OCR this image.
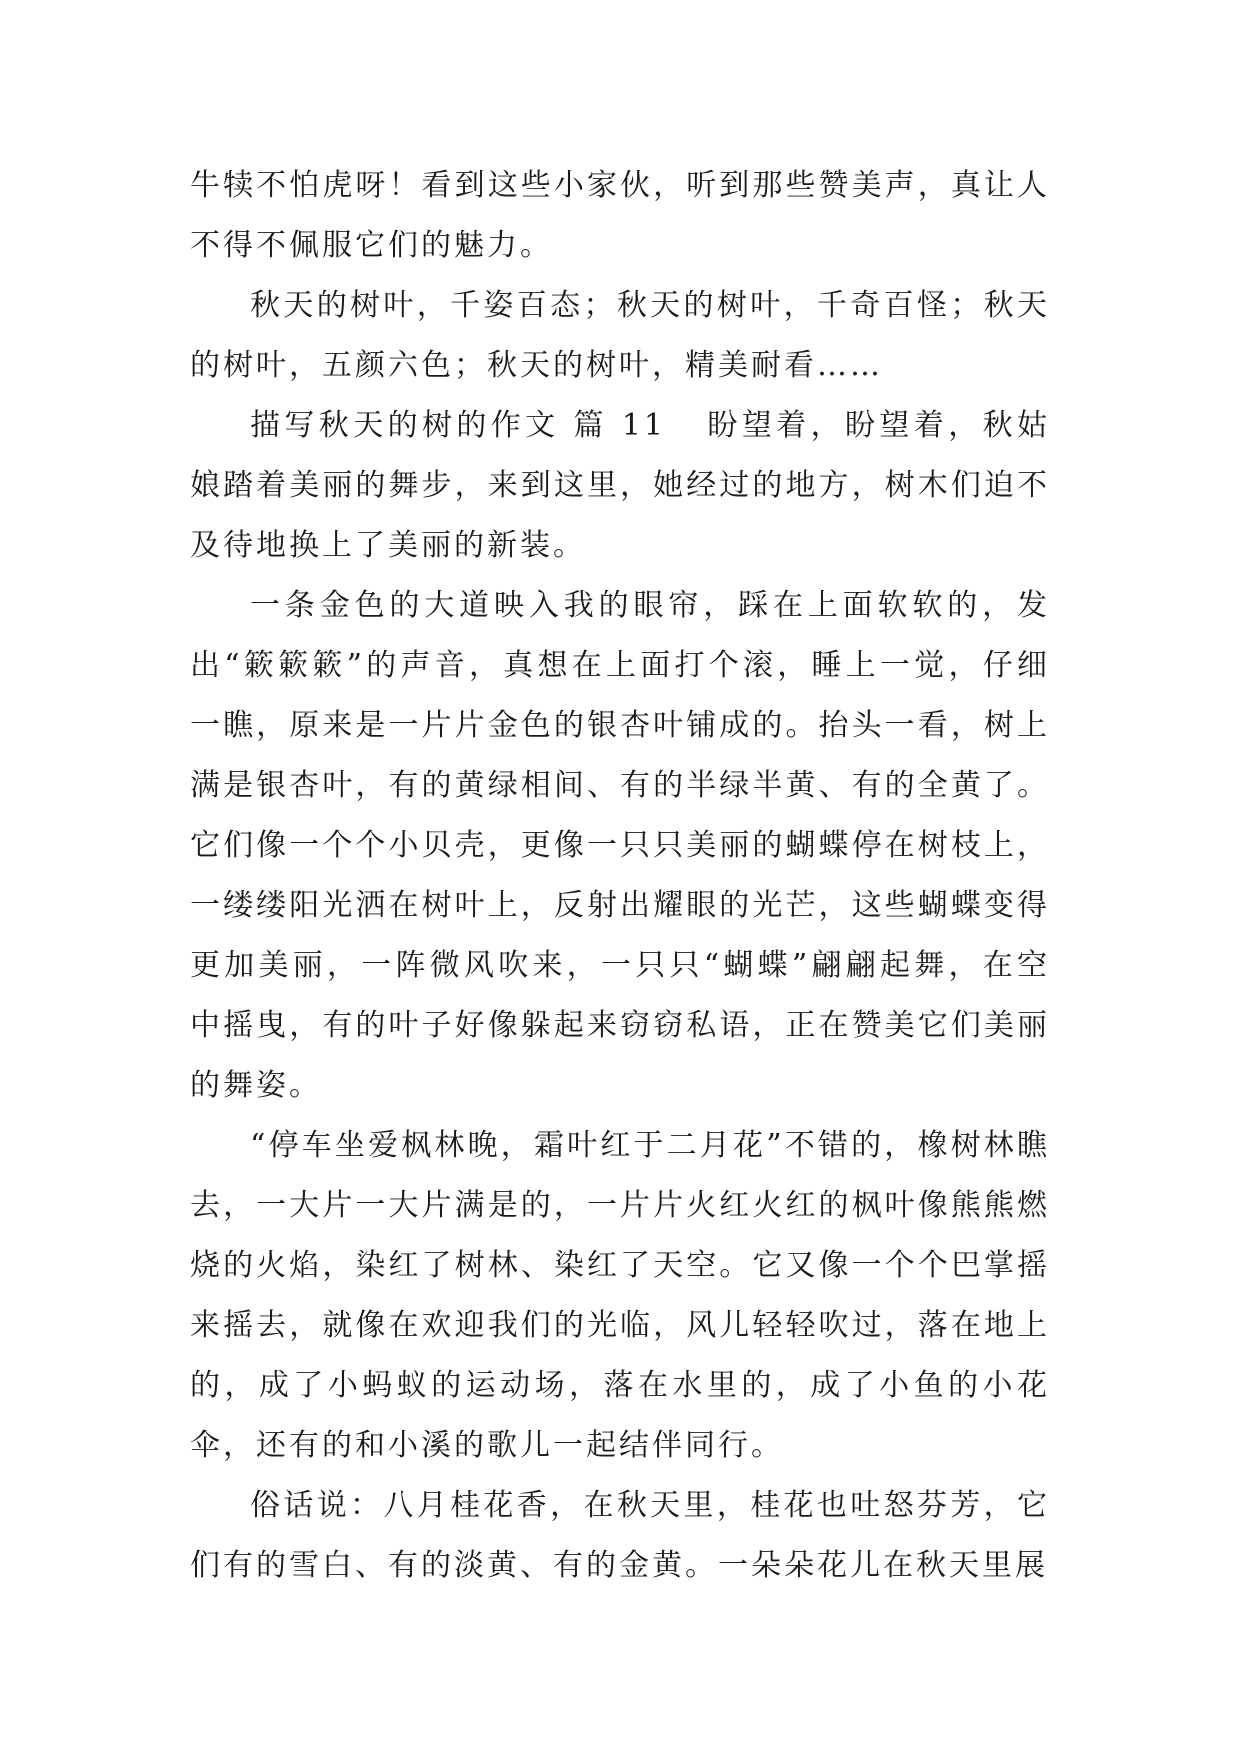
牛犊不怕虎呀！看到这些小家伙，听到那些赞美声，真让人不得不佩服它们的魅力。

秋天的树叶，千姿百态；秋天的树叶，千奇百怪；秋天的树叶，五颜六色；秋天的树叶，精美耐看……

描写秋天的树的作文 篇 11 盼望着，盼望着，秋姑娘踏着美丽的舞步，来到这里，她经过的地方，树木们迫不及待地换上了美丽的新装。

一条金色的大道映入我的眼帘，踩在上面软软的，发出“簌簌簌”的声音，真想在上面打个滚，睡上一觉，仔细一瞧，原来是一片片金色的银杏叶铺成的。抬头一看，树上满是银杏叶，有的黄绿相间、有的半绿半黄、有的全黄了。它们像一个个小贝壳，更像一只只美丽的蝴蝶停在树枝上，一缕缕阳光洒在树叶上，反射出耀眼的光芒，这些蝴蝶变得更加美丽，一阵微风吹来，一只只“蝴蝶”翩翩起舞，在空中摇曳，有的叶子好像躲起来窃窃私语，正在赞美它们美丽的舞姿。

“停车坐爱枫林晚，霜叶红于二月花”不错的，橡树林瞧去，一大片一大片满是的，一片片火红火红的枫叶像熊熊燃烧的火焰，染红了树林、染红了天空。它又像一个个巴掌摇来摇去，就像在欢迎我们的光临，风儿轻轻吹过，落在地上的，成了小蚂蚁的运动场，落在水里的，成了小鱼的小花伞，还有的和小溪的歌儿一起结伴同行。

俗话说：八月桂花香，在秋天里，桂花也吐怒芬芳，它们有的雪白、有的淡黄、有的金黄。一朵朵花儿在秋天里展
